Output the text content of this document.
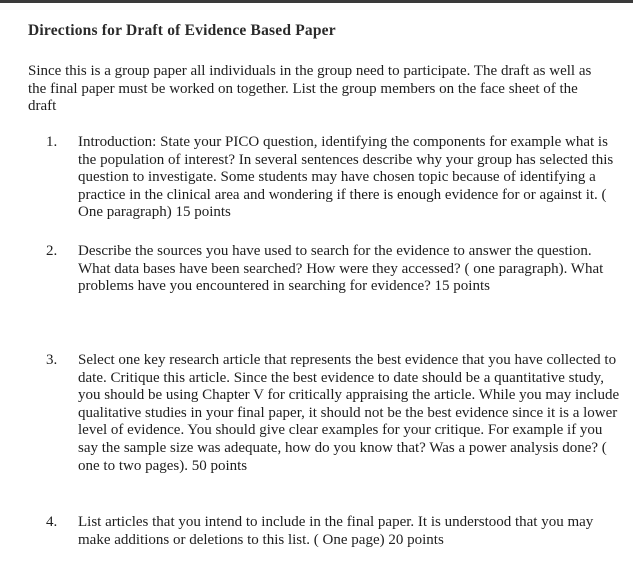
Directions for Draft of Evidence Based Paper
Since this is a group paper all individuals in the group need to participate. The draft as well as the final paper must be worked on together. List the group members on the face sheet of the draft
1.	Introduction: State your PICO question, identifying the components for example what is the population of interest? In several sentences describe why your group has selected this question to investigate. Some students may have chosen topic because of identifying a practice in the clinical area and wondering if there is enough evidence for or against it. ( One paragraph) 15 points
2.	Describe the sources you have used to search for the evidence to answer the question. What data bases have been searched? How were they accessed? ( one paragraph). What problems have you encountered in searching for evidence? 15 points
3.	Select one key research article that represents the best evidence that you have collected to date. Critique this article. Since the best evidence to date should be a quantitative study, you should be using Chapter V for critically appraising the article. While you may include qualitative studies in your final paper, it should not be the best evidence since it is a lower level of evidence. You should give clear examples for your critique. For example if you say the sample size was adequate, how do you know that? Was a power analysis done? ( one to two pages). 50 points
4.	List articles that you intend to include in the final paper. It is understood that you may make additions or deletions to this list. ( One page) 20 points
